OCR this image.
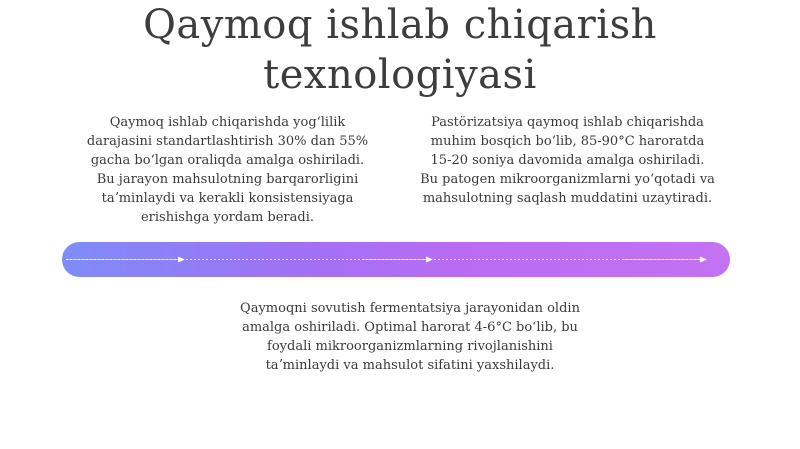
Qaymoq ishlab chiqarish
texnologiyasi
Qaymoq ishlab chiqarishda yogʻlilik darajasini standartlashtirish 30% dan 55% gacha boʻlgan oraliqda amalga oshiriladi. Bu jarayon mahsulotning barqarorligini taʼminlaydi va kerakli konsistensiyaga erishishga yordam beradi.
Pastörizatsiya qaymoq ishlab chiqarishda muhim bosqich boʻlib, 85-90°C haroratda 15-20 soniya davomida amalga oshiriladi. Bu patogen mikroorganizmlarni yoʻqotadi va mahsulotning saqlash muddatini uzaytiradi.
Qaymoqni sovutish fermentatsiya jarayonidan oldin amalga oshiriladi. Optimal harorat 4-6°C boʻlib, bu foydali mikroorganizmlarning rivojlanishini taʼminlaydi va mahsulot sifatini yaxshilaydi.
